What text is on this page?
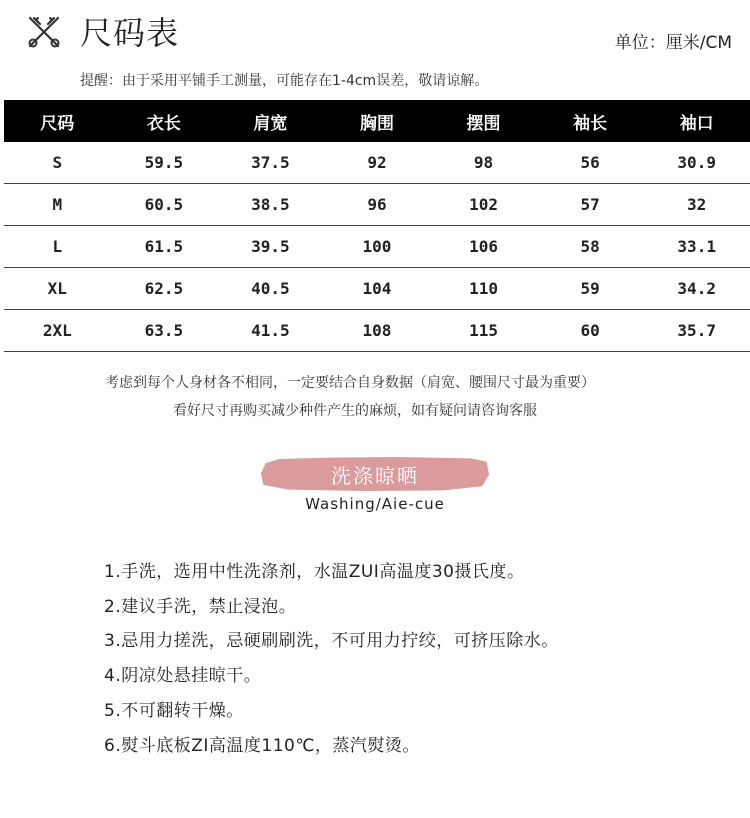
尺码表	单位：厘米/CM
提醒：由于采用平铺手工测量，可能存在1-4cm误差，敬请谅解。
尺码	衣长	肩宽	胸围	摆围	袖长	袖口
S	59.5	37.5	92	98	56	30.9
M	60.5	38.5	96	102	57	32
L	61.5	39.5	100	106	58	33.1
XL	62.5	40.5	104	110	59	34.2
2XL	63.5	41.5	108	115	60	35.7
考虑到每个人身材各不相同，一定要结合自身数据（肩宽、腰围尺寸最为重要）
看好尺寸再购买减少种件产生的麻烦，如有疑问请咨询客服
洗涤晾晒
Washing/Aie-cue
1.手洗，选用中性洗涤剂，水温ZUI高温度30摄氏度。
2.建议手洗，禁止浸泡。
3.忌用力搓洗，忌硬刷刷洗，不可用力拧绞，可挤压除水。
4.阴凉处悬挂晾干。
5.不可翻转干燥。
6.熨斗底板ZI高温度110℃，蒸汽熨烫。
